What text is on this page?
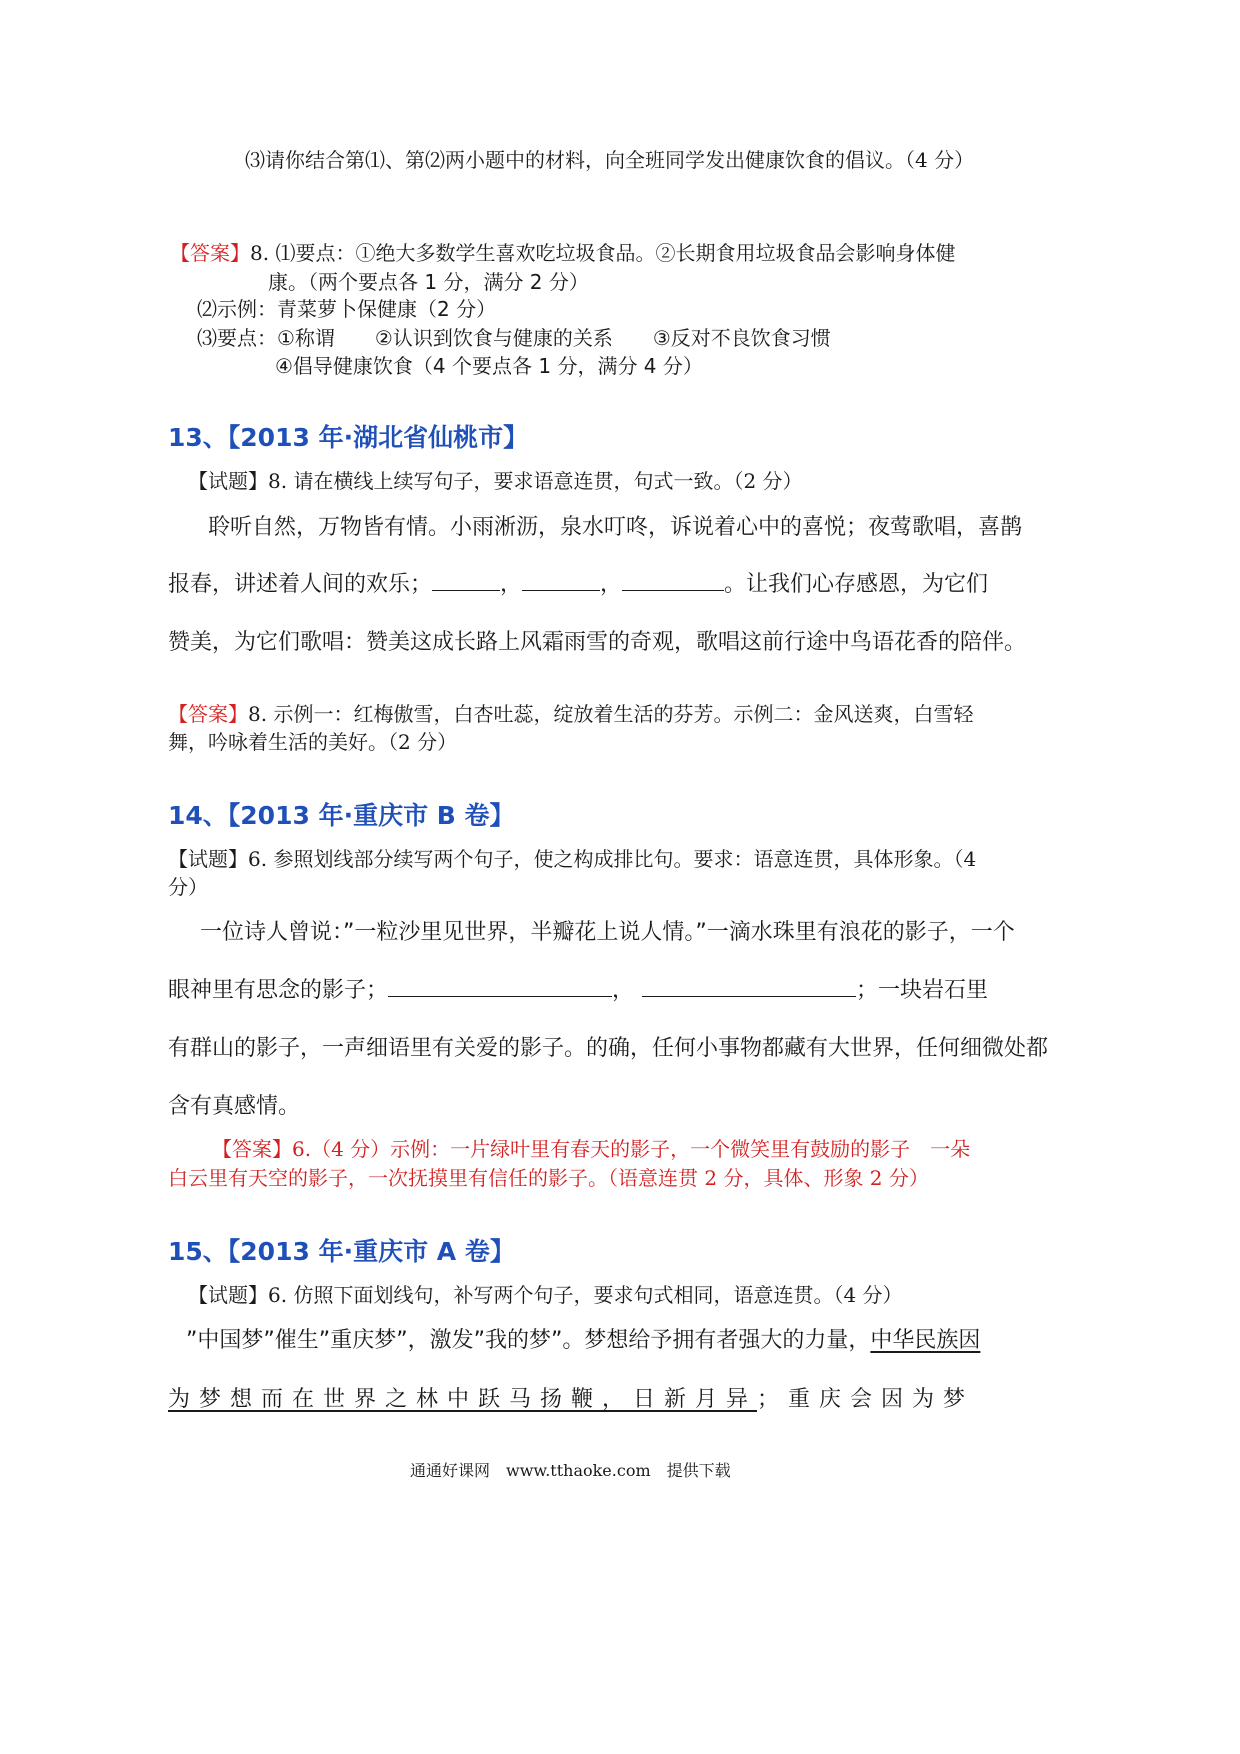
⑶请你结合第⑴、第⑵两小题中的材料，向全班同学发出健康饮食的倡议。（4 分）
【答案】8. ⑴要点：①绝大多数学生喜欢吃垃圾食品。②长期食用垃圾食品会影响身体健
康。（两个要点各 1 分，满分 2 分）
⑵示例：青菜萝卜保健康（2 分）
⑶要点：①称谓　　②认识到饮食与健康的关系　　③反对不良饮食习惯
④倡导健康饮食（4 个要点各 1 分，满分 4 分）
13、【2013 年·湖北省仙桃市】
【试题】8. 请在横线上续写句子，要求语意连贯，句式一致。（2 分）
聆听自然，万物皆有情。小雨淅沥，泉水叮咚，诉说着心中的喜悦；夜莺歌唱，喜鹊
报春，讲述着人间的欢乐；	，	，	。让我们心存感恩，为它们
赞美，为它们歌唱：赞美这成长路上风霜雨雪的奇观，歌唱这前行途中鸟语花香的陪伴。
【答案】8. 示例一：红梅傲雪，白杏吐蕊，绽放着生活的芬芳。示例二：金风送爽，白雪轻
舞，吟咏着生活的美好。（2 分）
14、【2013 年·重庆市 B 卷】
【试题】6. 参照划线部分续写两个句子，使之构成排比句。要求：语意连贯，具体形象。（4
分）
一位诗人曾说：”一粒沙里见世界，半瓣花上说人情。”一滴水珠里有浪花的影子，一个
眼神里有思念的影子；	，	；一块岩石里
有群山的影子，一声细语里有关爱的影子。的确，任何小事物都藏有大世界，任何细微处都
含有真感情。
【答案】6.（4 分）示例：一片绿叶里有春天的影子，一个微笑里有鼓励的影子　一朵
白云里有天空的影子，一次抚摸里有信任的影子。（语意连贯 2 分，具体、形象 2 分）
15、【2013 年·重庆市 A 卷】
【试题】6. 仿照下面划线句，补写两个句子，要求句式相同，语意连贯。（4 分）
”中国梦”催生”重庆梦”，激发”我的梦”。梦想给予拥有者强大的力量，中华民族因
为梦想而在世界之林中跃马扬鞭，日新月异；重庆会因为梦
通通好课网　www.tthaoke.com　提供下载
